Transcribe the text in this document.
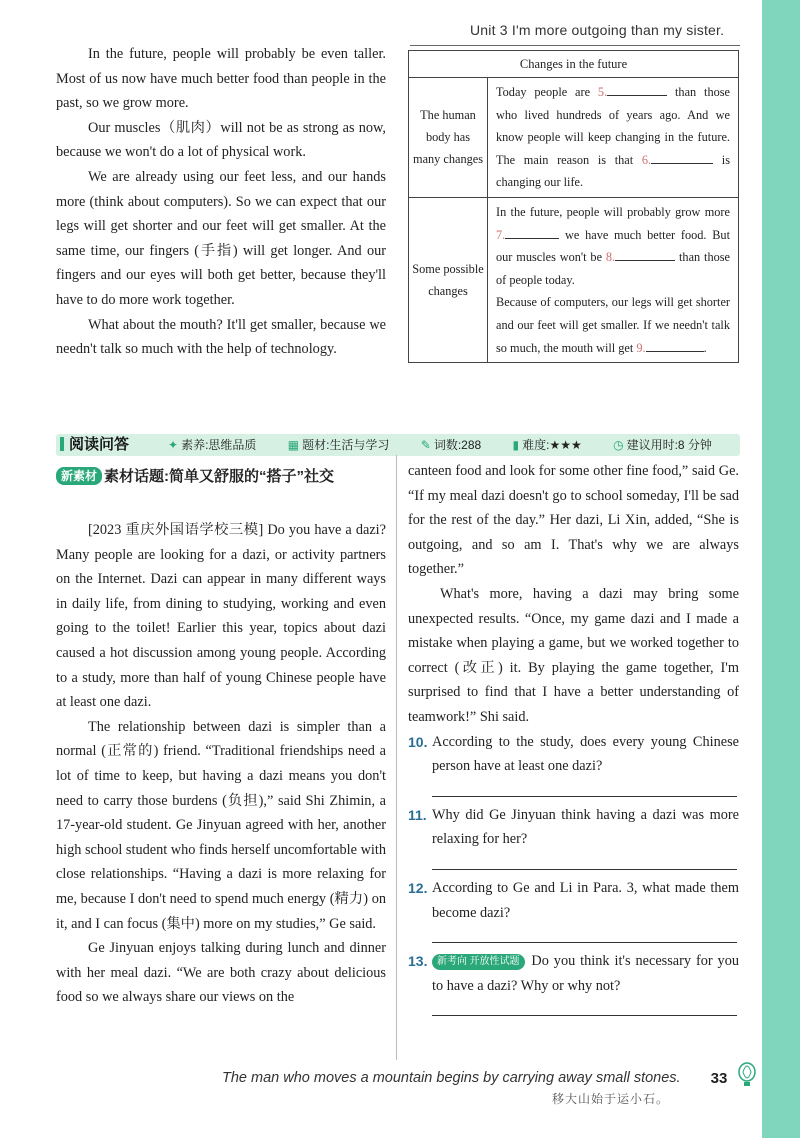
Unit 3 I'm more outgoing than my sister.

In the future, people will probably be even taller. Most of us now have much better food than people in the past, so we grow more.

Our muscles（肌肉）will not be as strong as now, because we won't do a lot of physical work.

We are already using our feet less, and our hands more (think about computers). So we can expect that our legs will get shorter and our feet will get smaller. At the same time, our fingers (手指) will get longer. And our fingers and our eyes will both get better, because they'll have to do more work together.

What about the mouth? It'll get smaller, because we needn't talk so much with the help of technology.

Changes in the future	
The human body has many changes	Today people are 5. than those who lived hundreds of years ago. And we know people will keep changing in the future. The main reason is that 6. is changing our life.
Some possible changes	In the future, people will probably grow more 7. we have much better food. But our muscles won't be 8. than those of people today.
Because of computers, our legs will get shorter and our feet will get smaller. If we needn't talk so much, the mouth will get 9. .
阅读问答	✦ 素养:思维品质	▦ 题材:生活与学习	✎ 词数:288	▮ 难度:★★★	◷ 建议用时:8 分钟
新素材 素材话题:简单又舒服的“搭子”社交

[2023 重庆外国语学校三模] Do you have a dazi? Many people are looking for a dazi, or activity partners on the Internet. Dazi can appear in many different ways in daily life, from dining to studying, working and even going to the toilet! Earlier this year, topics about dazi caused a hot discussion among young people. According to a study, more than half of young Chinese people have at least one dazi.

The relationship between dazi is simpler than a normal (正常的) friend. “Traditional friendships need a lot of time to keep, but having a dazi means you don't need to carry those burdens (负担),” said Shi Zhimin, a 17-year-old student. Ge Jinyuan agreed with her, another high school student who finds herself uncomfortable with close relationships. “Having a dazi is more relaxing for me, because I don't need to spend much energy (精力) on it, and I can focus (集中) more on my studies,” Ge said.

Ge Jinyuan enjoys talking during lunch and dinner with her meal dazi. “We are both crazy about delicious food so we always share our views on the

canteen food and look for some other fine food,” said Ge. “If my meal dazi doesn't go to school someday, I'll be sad for the rest of the day.” Her dazi, Li Xin, added, “She is outgoing, and so am I. That's why we are always together.”

What's more, having a dazi may bring some unexpected results. “Once, my game dazi and I made a mistake when playing a game, but we worked together to correct (改正) it. By playing the game together, I'm surprised to find that I have a better understanding of teamwork!” Shi said.

10. According to the study, does every young Chinese person have at least one dazi?

11. Why did Ge Jinyuan think having a dazi was more relaxing for her?

12. According to Ge and Li in Para. 3, what made them become dazi?

13. 新考向 开放性试题 Do you think it's necessary for you to have a dazi? Why or why not?

The man who moves a mountain begins by carrying away small stones.
移大山始于运小石。
33
